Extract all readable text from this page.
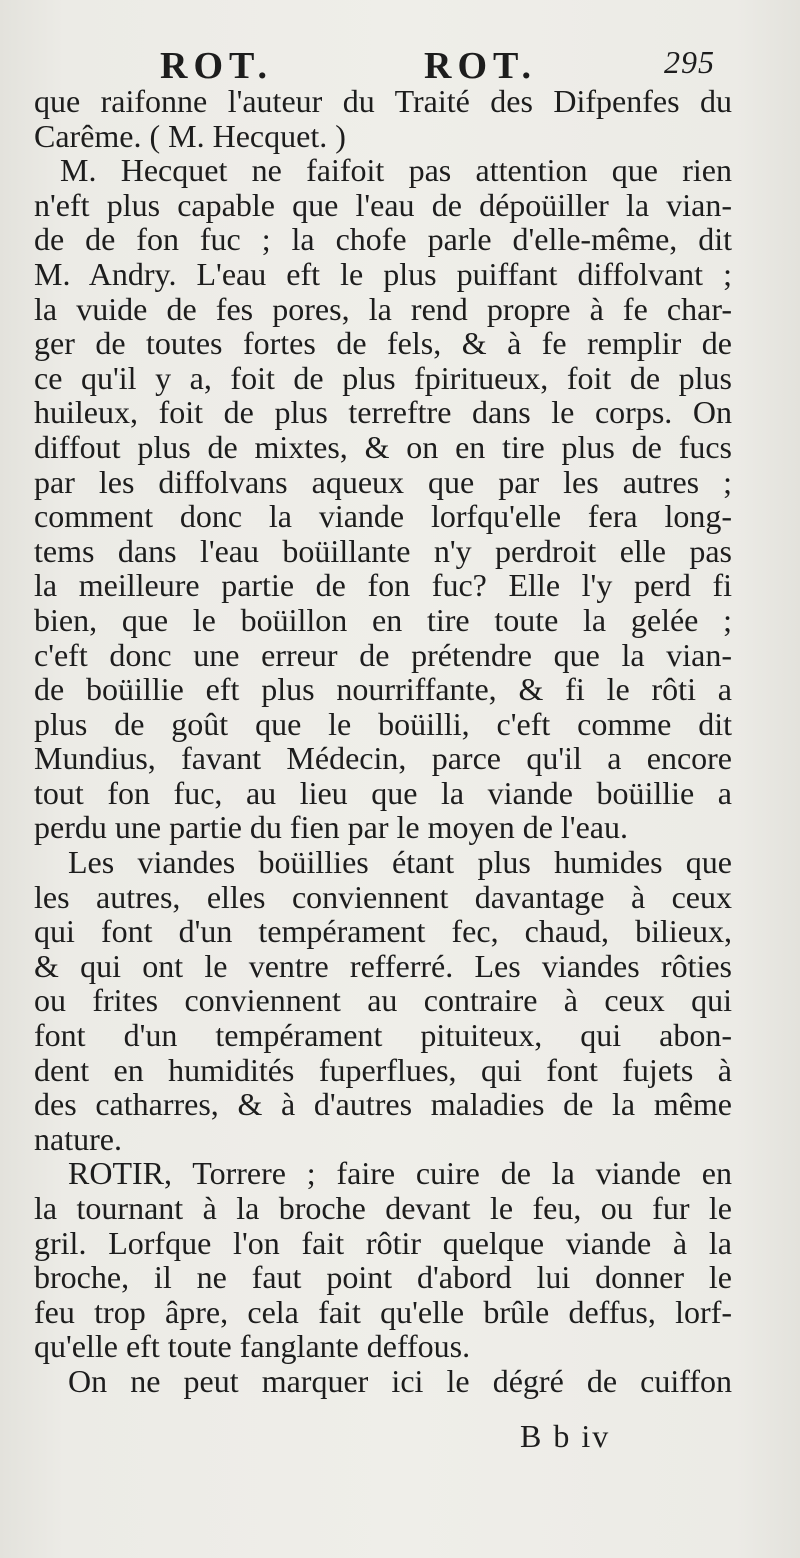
ROT.	ROT.	295
que raifonne l'auteur du Traité des Difpenfes du
Carême. ( M. Hecquet. )
M. Hecquet ne faifoit pas attention que rien
n'eft plus capable que l'eau de dépoüiller la vian-
de de fon fuc ; la chofe parle d'elle-même, dit
M. Andry. L'eau eft le plus puiffant diffolvant ;
la vuide de fes pores, la rend propre à fe char-
ger de toutes fortes de fels, & à fe remplir de
ce qu'il y a, foit de plus fpiritueux, foit de plus
huileux, foit de plus terreftre dans le corps. On
diffout plus de mixtes, & on en tire plus de fucs
par les diffolvans aqueux que par les autres ;
comment donc la viande lorfqu'elle fera long-
tems dans l'eau boüillante n'y perdroit elle pas
la meilleure partie de fon fuc? Elle l'y perd fi
bien, que le boüillon en tire toute la gelée ;
c'eft donc une erreur de prétendre que la vian-
de boüillie eft plus nourriffante, & fi le rôti a
plus de goût que le boüilli, c'eft comme dit
Mundius, favant Médecin, parce qu'il a encore
tout fon fuc, au lieu que la viande boüillie a
perdu une partie du fien par le moyen de l'eau.
Les viandes boüillies étant plus humides que
les autres, elles conviennent davantage à ceux
qui font d'un tempérament fec, chaud, bilieux,
& qui ont le ventre refferré. Les viandes rôties
ou frites conviennent au contraire à ceux qui
font d'un tempérament pituiteux, qui abon-
dent en humidités fuperflues, qui font fujets à
des catharres, & à d'autres maladies de la même
nature.
ROTIR, Torrere ; faire cuire de la viande en
la tournant à la broche devant le feu, ou fur le
gril. Lorfque l'on fait rôtir quelque viande à la
broche, il ne faut point d'abord lui donner le
feu trop âpre, cela fait qu'elle brûle deffus, lorf-
qu'elle eft toute fanglante deffous.
On ne peut marquer ici le dégré de cuiffon
B b iv
